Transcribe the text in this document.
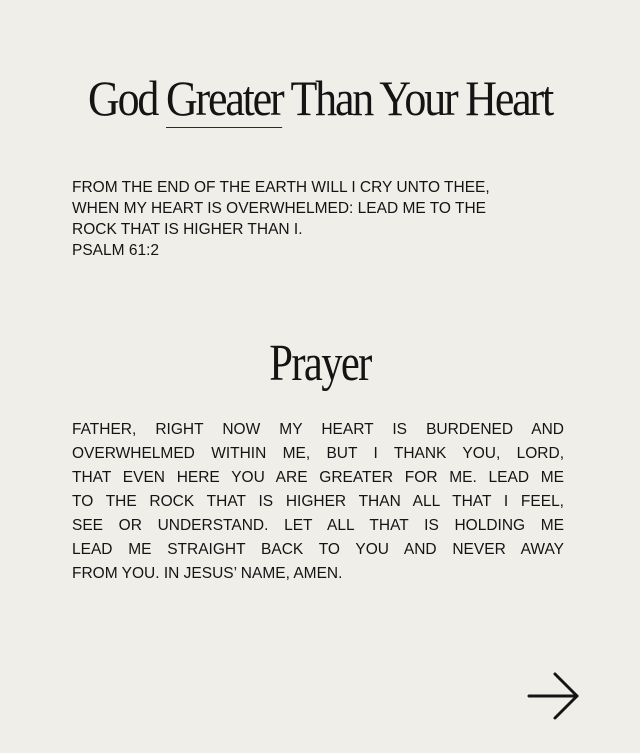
God Greater Than Your Heart
FROM THE END OF THE EARTH WILL I CRY UNTO THEE,
WHEN MY HEART IS OVERWHELMED: LEAD ME TO THE
ROCK THAT IS HIGHER THAN I.
PSALM 61:2
Prayer
FATHER, RIGHT NOW MY HEART IS BURDENED AND
OVERWHELMED WITHIN ME, BUT I THANK YOU, LORD,
THAT EVEN HERE YOU ARE GREATER FOR ME. LEAD ME
TO THE ROCK THAT IS HIGHER THAN ALL THAT I FEEL,
SEE OR UNDERSTAND. LET ALL THAT IS HOLDING ME
LEAD ME STRAIGHT BACK TO YOU AND NEVER AWAY
FROM YOU. IN JESUS’ NAME, AMEN.
